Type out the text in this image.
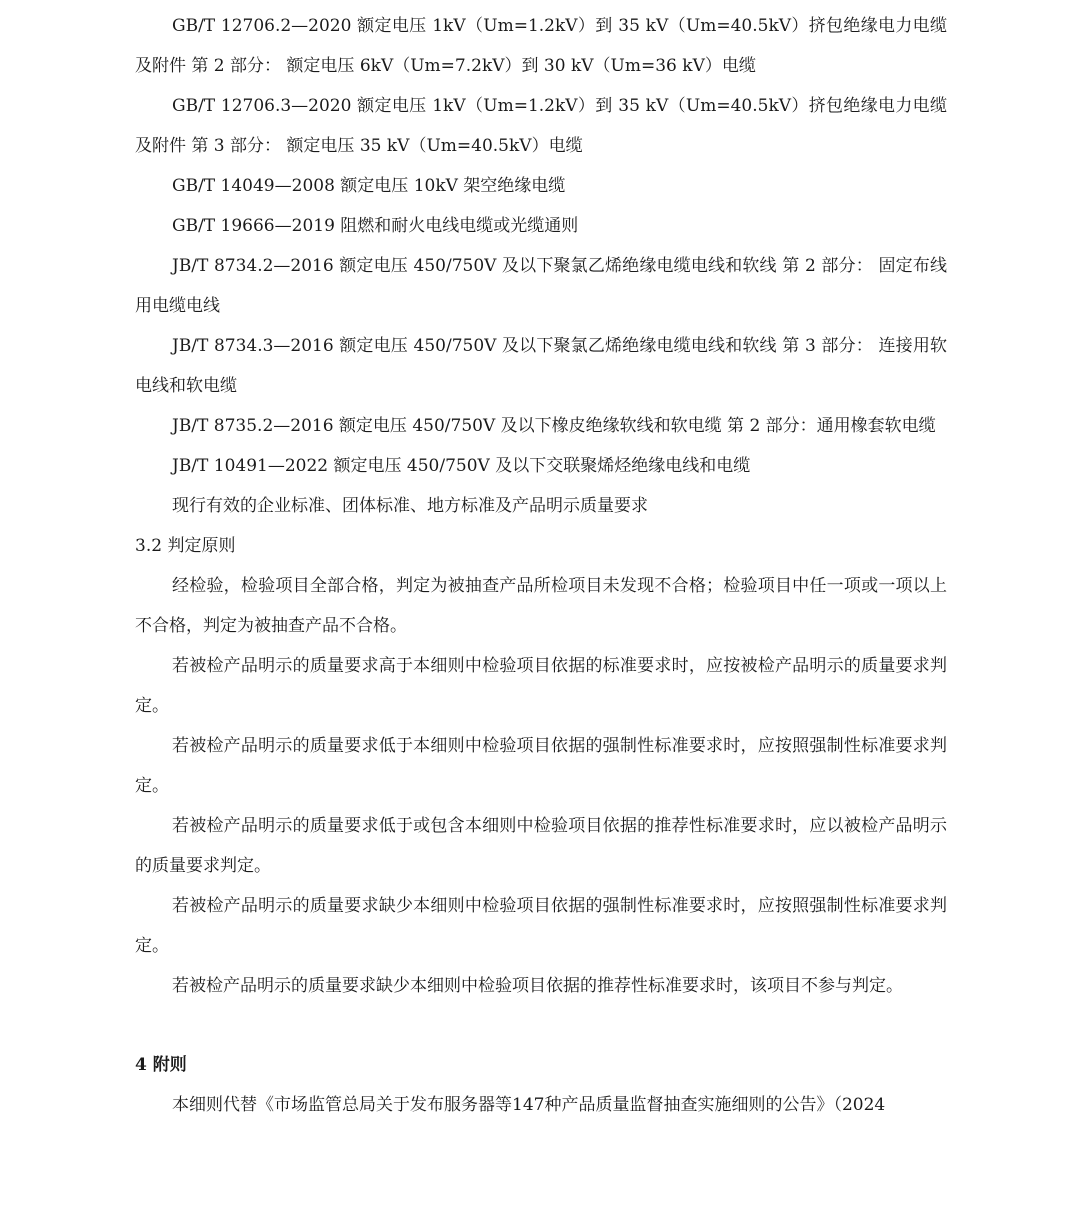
GB/T 12706.2—2020 额定电压 1kV（Um=1.2kV）到 35 kV（Um=40.5kV）挤包绝缘电力电缆及附件 第 2 部分： 额定电压 6kV（Um=7.2kV）到 30 kV（Um=36 kV）电缆

GB/T 12706.3—2020 额定电压 1kV（Um=1.2kV）到 35 kV（Um=40.5kV）挤包绝缘电力电缆及附件 第 3 部分： 额定电压 35 kV（Um=40.5kV）电缆

GB/T 14049—2008 额定电压 10kV 架空绝缘电缆

GB/T 19666—2019 阻燃和耐火电线电缆或光缆通则

JB/T 8734.2—2016 额定电压 450/750V 及以下聚氯乙烯绝缘电缆电线和软线 第 2 部分： 固定布线用电缆电线

JB/T 8734.3—2016 额定电压 450/750V 及以下聚氯乙烯绝缘电缆电线和软线 第 3 部分： 连接用软电线和软电缆

JB/T 8735.2—2016 额定电压 450/750V 及以下橡皮绝缘软线和软电缆 第 2 部分：通用橡套软电缆

JB/T 10491—2022 额定电压 450/750V 及以下交联聚烯烃绝缘电线和电缆

现行有效的企业标准、团体标准、地方标准及产品明示质量要求

3.2 判定原则

经检验，检验项目全部合格，判定为被抽查产品所检项目未发现不合格；检验项目中任一项或一项以上不合格，判定为被抽查产品不合格。

若被检产品明示的质量要求高于本细则中检验项目依据的标准要求时，应按被检产品明示的质量要求判定。

若被检产品明示的质量要求低于本细则中检验项目依据的强制性标准要求时，应按照强制性标准要求判定。

若被检产品明示的质量要求低于或包含本细则中检验项目依据的推荐性标准要求时，应以被检产品明示的质量要求判定。

若被检产品明示的质量要求缺少本细则中检验项目依据的强制性标准要求时，应按照强制性标准要求判定。

若被检产品明示的质量要求缺少本细则中检验项目依据的推荐性标准要求时，该项目不参与判定。

4 附则

本细则代替《市场监管总局关于发布服务器等147种产品质量监督抽查实施细则的公告》（2024
